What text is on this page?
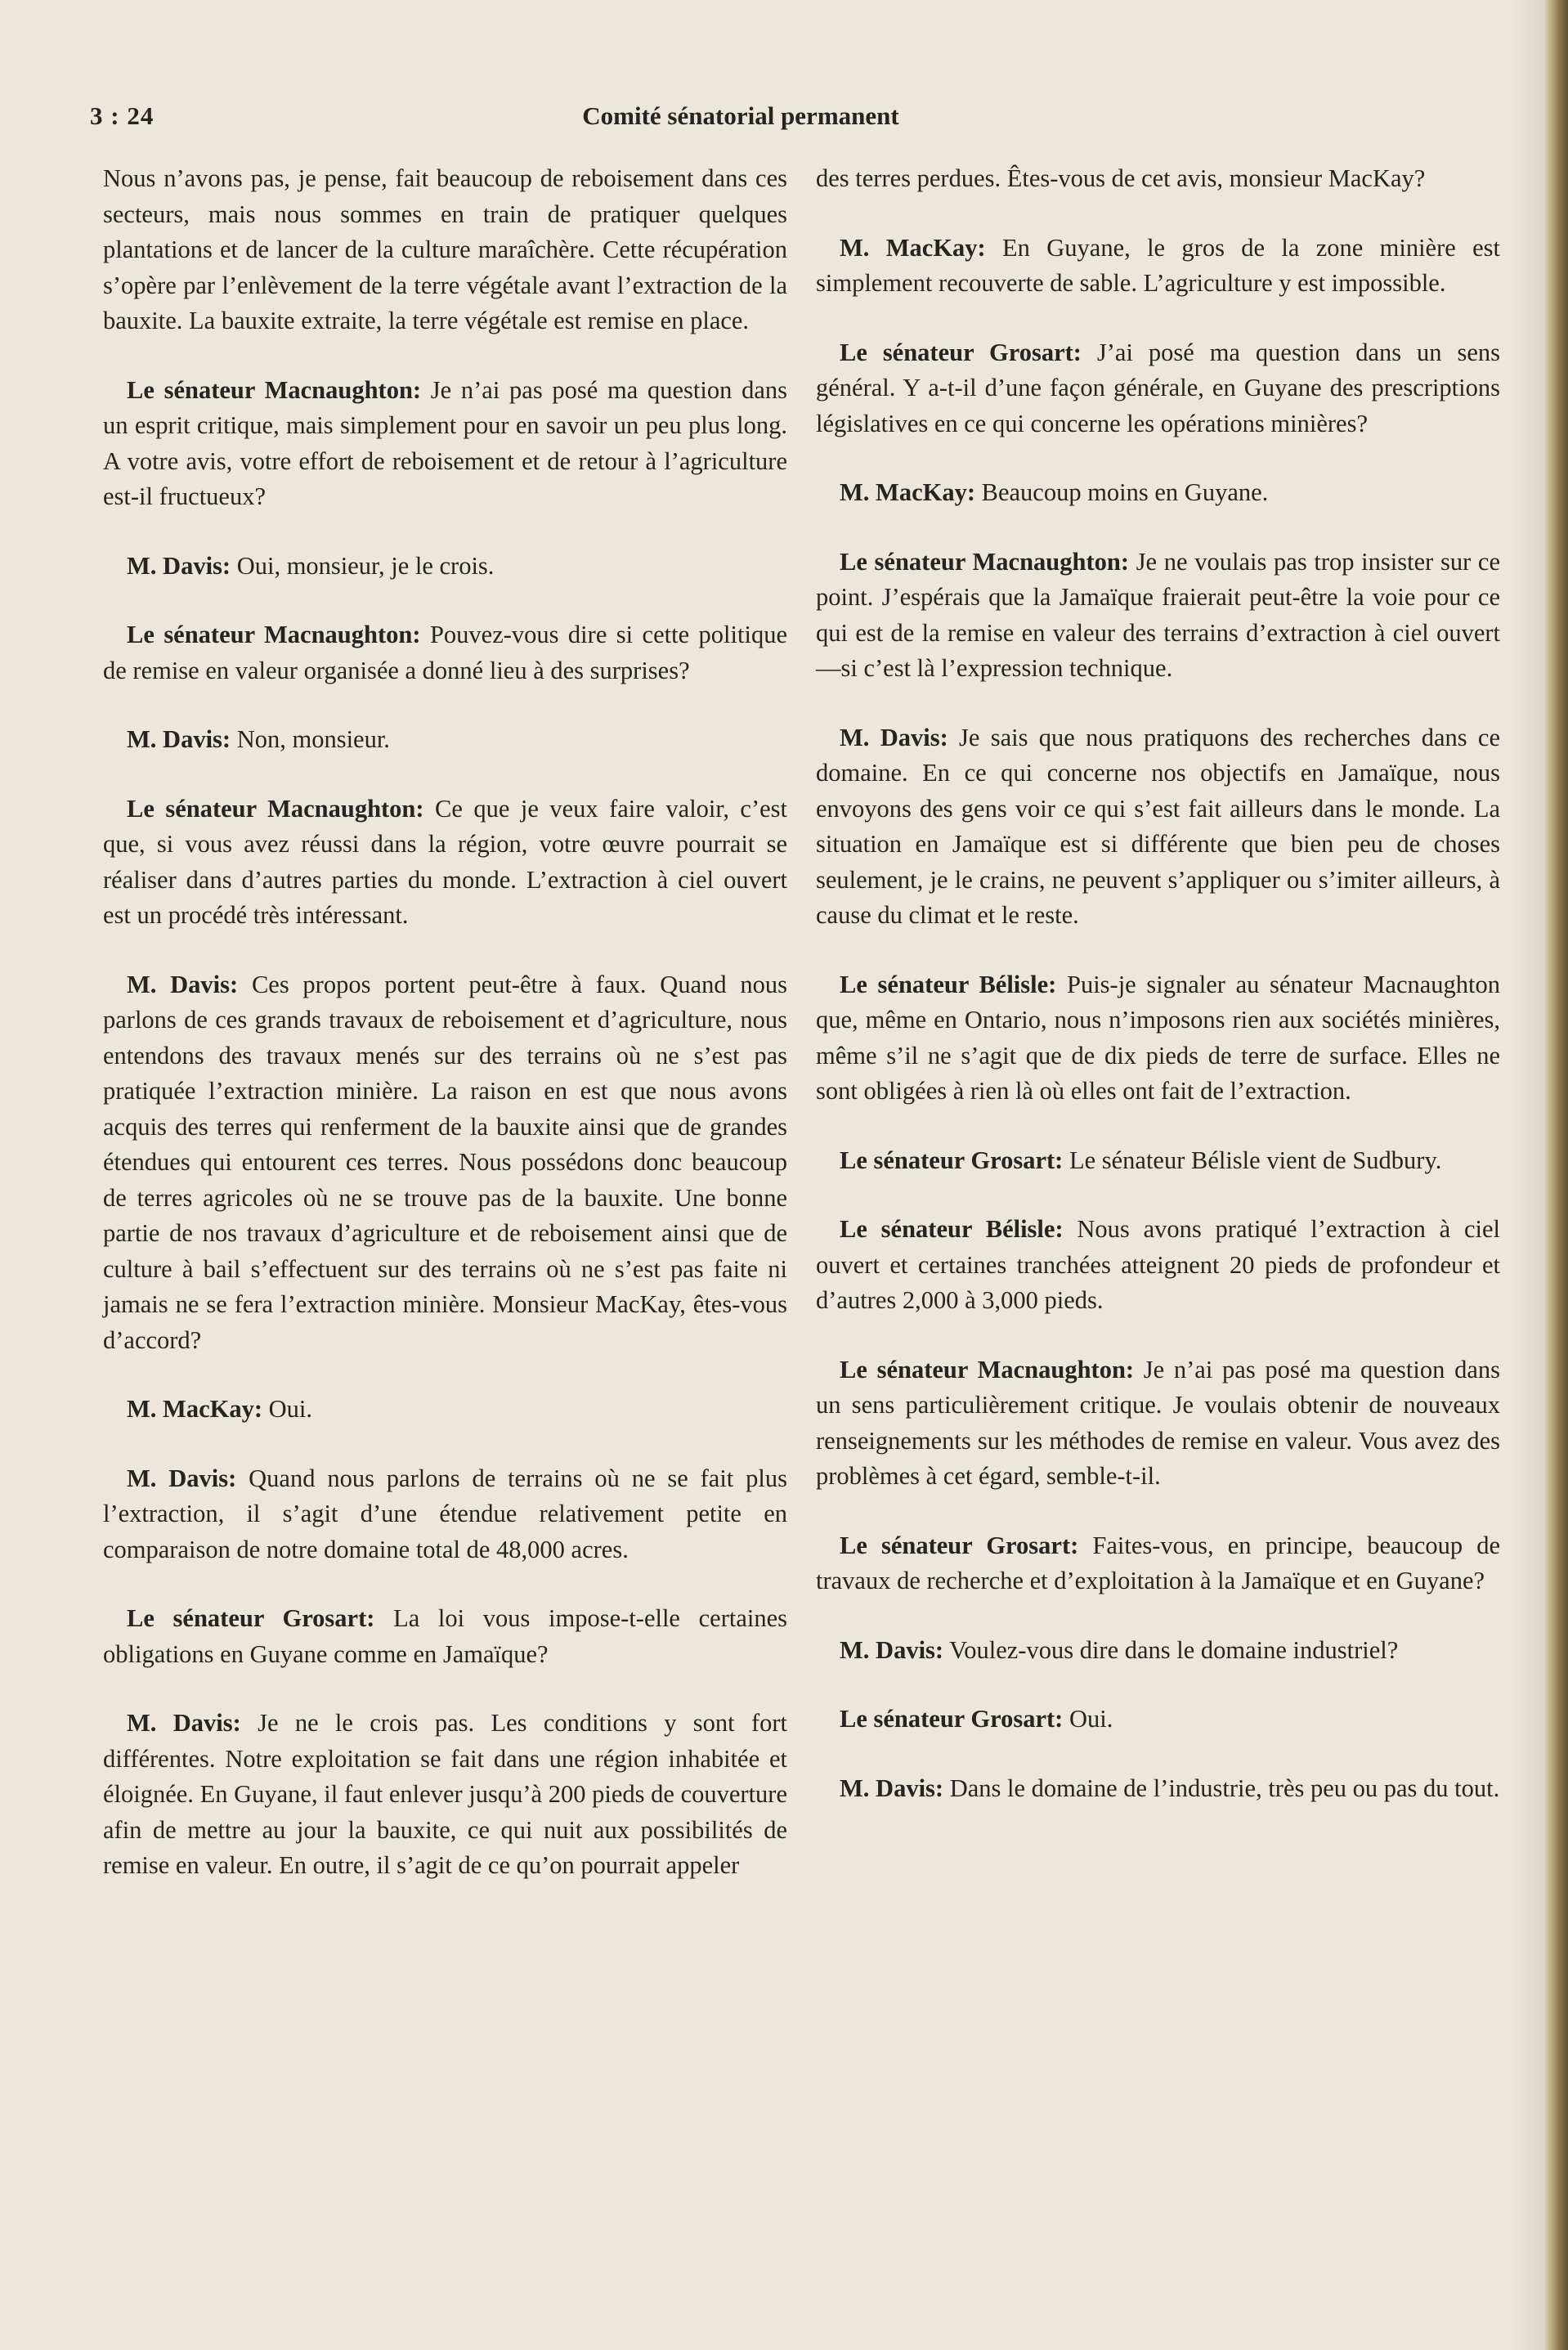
3 : 24	Comité sénatorial permanent

Nous n’avons pas, je pense, fait beaucoup de reboisement dans ces secteurs, mais nous sommes en train de pratiquer quelques plantations et de lancer de la culture maraîchère. Cette récupération s’opère par l’enlèvement de la terre végétale avant l’extraction de la bauxite. La bauxite extraite, la terre végétale est remise en place.

Le sénateur Macnaughton: Je n’ai pas posé ma question dans un esprit critique, mais simplement pour en savoir un peu plus long. A votre avis, votre effort de reboisement et de retour à l’agriculture est-il fructueux?

M. Davis: Oui, monsieur, je le crois.

Le sénateur Macnaughton: Pouvez-vous dire si cette politique de remise en valeur organisée a donné lieu à des surprises?

M. Davis: Non, monsieur.

Le sénateur Macnaughton: Ce que je veux faire valoir, c’est que, si vous avez réussi dans la région, votre œuvre pourrait se réaliser dans d’autres parties du monde. L’extraction à ciel ouvert est un procédé très intéressant.

M. Davis: Ces propos portent peut-être à faux. Quand nous parlons de ces grands travaux de reboisement et d’agriculture, nous entendons des travaux menés sur des terrains où ne s’est pas pratiquée l’extraction minière. La raison en est que nous avons acquis des terres qui renferment de la bauxite ainsi que de grandes étendues qui entourent ces terres. Nous possédons donc beaucoup de terres agricoles où ne se trouve pas de la bauxite. Une bonne partie de nos travaux d’agriculture et de reboisement ainsi que de culture à bail s’effectuent sur des terrains où ne s’est pas faite ni jamais ne se fera l’extraction minière. Monsieur MacKay, êtes-vous d’accord?

M. MacKay: Oui.

M. Davis: Quand nous parlons de terrains où ne se fait plus l’extraction, il s’agit d’une étendue relativement petite en comparaison de notre domaine total de 48,000 acres.

Le sénateur Grosart: La loi vous impose-t-elle certaines obligations en Guyane comme en Jamaïque?

M. Davis: Je ne le crois pas. Les conditions y sont fort différentes. Notre exploitation se fait dans une région inhabitée et éloignée. En Guyane, il faut enlever jusqu’à 200 pieds de couverture afin de mettre au jour la bauxite, ce qui nuit aux possibilités de remise en valeur. En outre, il s’agit de ce qu’on pourrait appeler

des terres perdues. Êtes-vous de cet avis, monsieur MacKay?

M. MacKay: En Guyane, le gros de la zone minière est simplement recouverte de sable. L’agriculture y est impossible.

Le sénateur Grosart: J’ai posé ma question dans un sens général. Y a-t-il d’une façon générale, en Guyane des prescriptions législatives en ce qui concerne les opérations minières?

M. MacKay: Beaucoup moins en Guyane.

Le sénateur Macnaughton: Je ne voulais pas trop insister sur ce point. J’espérais que la Jamaïque fraierait peut-être la voie pour ce qui est de la remise en valeur des terrains d’extraction à ciel ouvert—si c’est là l’expression technique.

M. Davis: Je sais que nous pratiquons des recherches dans ce domaine. En ce qui concerne nos objectifs en Jamaïque, nous envoyons des gens voir ce qui s’est fait ailleurs dans le monde. La situation en Jamaïque est si différente que bien peu de choses seulement, je le crains, ne peuvent s’appliquer ou s’imiter ailleurs, à cause du climat et le reste.

Le sénateur Bélisle: Puis-je signaler au sénateur Macnaughton que, même en Ontario, nous n’imposons rien aux sociétés minières, même s’il ne s’agit que de dix pieds de terre de surface. Elles ne sont obligées à rien là où elles ont fait de l’extraction.

Le sénateur Grosart: Le sénateur Bélisle vient de Sudbury.

Le sénateur Bélisle: Nous avons pratiqué l’extraction à ciel ouvert et certaines tranchées atteignent 20 pieds de profondeur et d’autres 2,000 à 3,000 pieds.

Le sénateur Macnaughton: Je n’ai pas posé ma question dans un sens particulièrement critique. Je voulais obtenir de nouveaux renseignements sur les méthodes de remise en valeur. Vous avez des problèmes à cet égard, semble-t-il.

Le sénateur Grosart: Faites-vous, en principe, beaucoup de travaux de recherche et d’exploitation à la Jamaïque et en Guyane?

M. Davis: Voulez-vous dire dans le domaine industriel?

Le sénateur Grosart: Oui.

M. Davis: Dans le domaine de l’industrie, très peu ou pas du tout.
